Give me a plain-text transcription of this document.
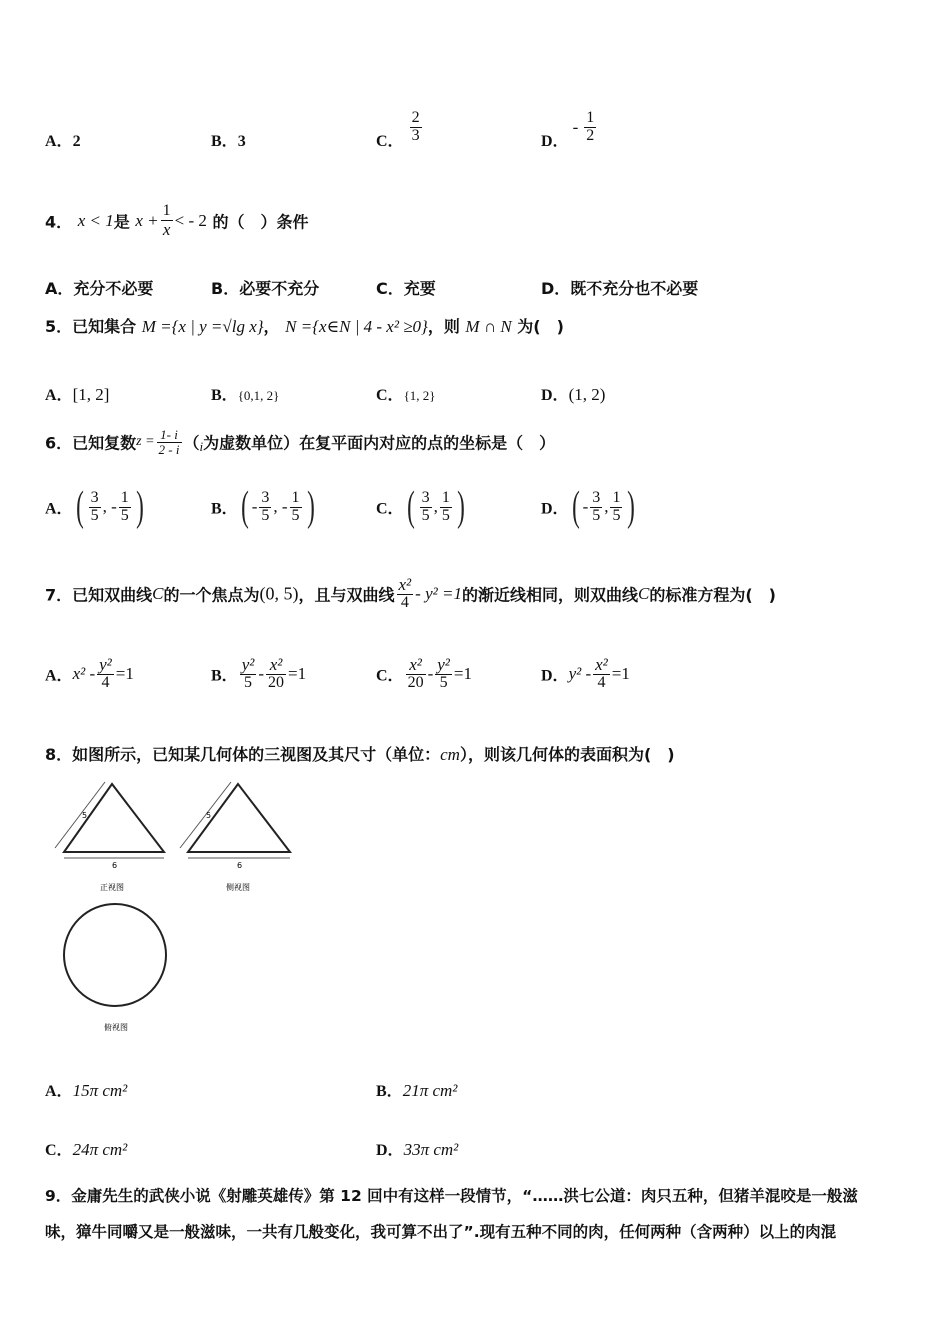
A．2	B．3	C． $\frac{2}{3}$	D． - $\frac{1}{2}$
4． x < 1是 $x + \frac{1}{x}$ < - 2 的（　）条件
A．充分不必要	B．必要不充分	C．充要	D．既不充分也不必要
5．已知集合 M ={x | y =√lg x}， N ={x∈N | 4 - x² ≥0}，则 M ∩ N 为(　)
A．[1, 2]	B．{0,1, 2}	C．{1, 2}	D．(1, 2)
6．已知复数$z = \frac{1- i}{2 - i} (_i$为虚数单位）在复平面内对应的点的坐标是（　）
A．( $\frac{3}{5}$ , - $\frac{1}{5}$ )	B．( - $\frac{3}{5}$ , - $\frac{1}{5}$ )	C．( $\frac{3}{5}$ , $\frac{1}{5}$ )	D．( - $\frac{3}{5}$ , $\frac{1}{5}$ )
7．已知双曲线C的一个焦点为(0, 5)，且与双曲线 $\frac{\text{x²}}{4} - y^2 =1$的渐近线相同，则双曲线C的标准方程为(　)
A．$x^2 - \frac{\text{y²}}{4} =1$	B． $\frac{\text{y²}}{5} - \frac{\text{x²}}{20} =1$	C． $\frac{\text{x²}}{20} - \frac{\text{y²}}{5} =1$	D．$y^2 - \frac{\text{x²}}{4} =1$
8．如图所示，已知某几何体的三视图及其尺寸（单位：cm），则该几何体的表面积为(　)
5
6
正视图
5
6
侧视图
俯视图
A．15π cm²	B．21π cm²
C．24π cm²	D．33π cm²
9．金庸先生的武侠小说《射雕英雄传》第 12 回中有这样一段情节，“……洪七公道：肉只五种，但猪羊混咬是一般滋
味，獐牛同嚼又是一般滋味，一共有几般变化，我可算不出了”.现有五种不同的肉，任何两种（含两种）以上的肉混
